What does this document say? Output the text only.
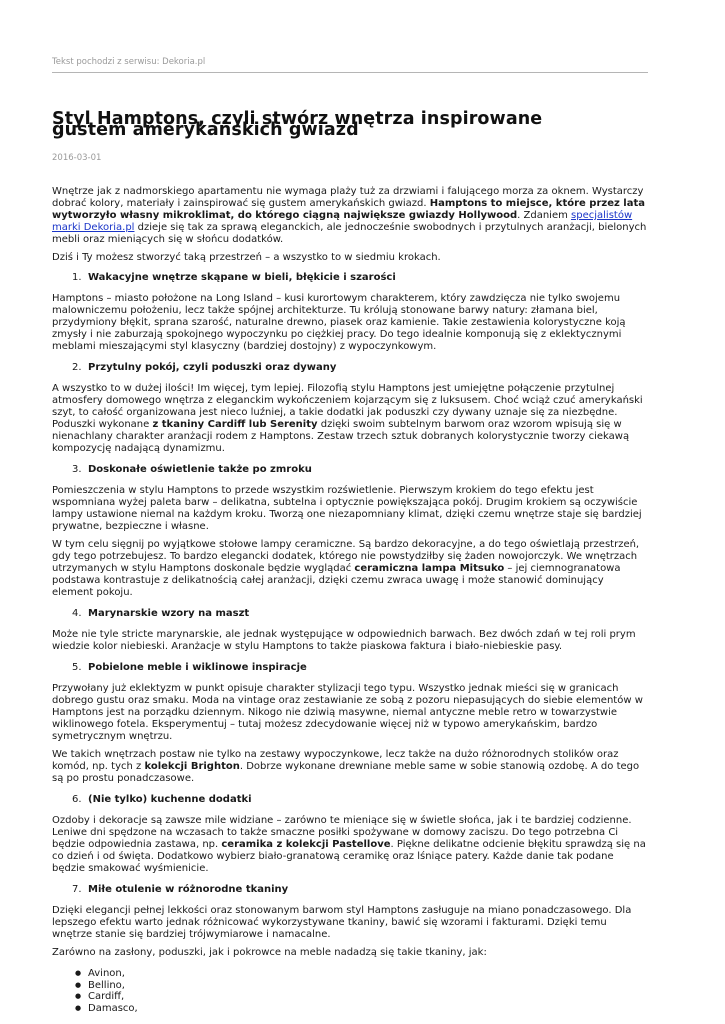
Tekst pochodzi z serwisu: Dekoria.pl
Styl Hamptons, czyli stwórz wnętrza inspirowane gustem amerykańskich gwiazd
2016-03-01

Wnętrze jak z nadmorskiego apartamentu nie wymaga plaży tuż za drzwiami i falującego morza za oknem. Wystarczy dobrać kolory, materiały i zainspirować się gustem amerykańskich gwiazd. Hamptons to miejsce, które przez lata wytworzyło własny mikroklimat, do którego ciągną największe gwiazdy Hollywood. Zdaniem specjalistów marki Dekoria.pl dzieje się tak za sprawą eleganckich, ale jednocześnie swobodnych i przytulnych aranżacji, bielonych mebli oraz mieniących się w słońcu dodatków.

Dziś i Ty możesz stworzyć taką przestrzeń – a wszystko to w siedmiu krokach.

1. Wakacyjne wnętrze skąpane w bieli, błękicie i szarości

Hamptons – miasto położone na Long Island – kusi kurortowym charakterem, który zawdzięcza nie tylko swojemu malowniczemu położeniu, lecz także spójnej architekturze. Tu królują stonowane barwy natury: złamana biel, przydymiony błękit, sprana szarość, naturalne drewno, piasek oraz kamienie. Takie zestawienia kolorystyczne koją zmysły i nie zaburzają spokojnego wypoczynku po ciężkiej pracy. Do tego idealnie komponują się z eklektycznymi meblami mieszającymi styl klasyczny (bardziej dostojny) z wypoczynkowym.

2. Przytulny pokój, czyli poduszki oraz dywany

A wszystko to w dużej ilości! Im więcej, tym lepiej. Filozofią stylu Hamptons jest umiejętne połączenie przytulnej atmosfery domowego wnętrza z eleganckim wykończeniem kojarzącym się z luksusem. Choć wciąż czuć amerykański szyt, to całość organizowana jest nieco luźniej, a takie dodatki jak poduszki czy dywany uznaje się za niezbędne. Poduszki wykonane z tkaniny Cardiff lub Serenity dzięki swoim subtelnym barwom oraz wzorom wpisują się w nienachlany charakter aranżacji rodem z Hamptons. Zestaw trzech sztuk dobranych kolorystycznie tworzy ciekawą kompozycję nadającą dynamizmu.

3. Doskonałe oświetlenie także po zmroku

Pomieszczenia w stylu Hamptons to przede wszystkim rozświetlenie. Pierwszym krokiem do tego efektu jest wspomniana wyżej paleta barw – delikatna, subtelna i optycznie powiększająca pokój. Drugim krokiem są oczywiście lampy ustawione niemal na każdym kroku. Tworzą one niezapomniany klimat, dzięki czemu wnętrze staje się bardziej prywatne, bezpieczne i własne.

W tym celu sięgnij po wyjątkowe stołowe lampy ceramiczne. Są bardzo dekoracyjne, a do tego oświetlają przestrzeń, gdy tego potrzebujesz. To bardzo elegancki dodatek, którego nie powstydziłby się żaden nowojorczyk. We wnętrzach utrzymanych w stylu Hamptons doskonale będzie wyglądać ceramiczna lampa Mitsuko – jej ciemnogranatowa podstawa kontrastuje z delikatnością całej aranżacji, dzięki czemu zwraca uwagę i może stanowić dominujący element pokoju.

4. Marynarskie wzory na maszt

Może nie tyle stricte marynarskie, ale jednak występujące w odpowiednich barwach. Bez dwóch zdań w tej roli prym wiedzie kolor niebieski. Aranżacje w stylu Hamptons to także piaskowa faktura i biało-niebieskie pasy.

5. Pobielone meble i wiklinowe inspiracje

Przywołany już eklektyzm w punkt opisuje charakter stylizacji tego typu. Wszystko jednak mieści się w granicach dobrego gustu oraz smaku. Moda na vintage oraz zestawianie ze sobą z pozoru niepasujących do siebie elementów w Hamptons jest na porządku dziennym. Nikogo nie dziwią masywne, niemal antyczne meble retro w towarzystwie wiklinowego fotela. Eksperymentuj – tutaj możesz zdecydowanie więcej niż w typowo amerykańskim, bardzo symetrycznym wnętrzu.

We takich wnętrzach postaw nie tylko na zestawy wypoczynkowe, lecz także na dużo różnorodnych stolików oraz komód, np. tych z kolekcji Brighton. Dobrze wykonane drewniane meble same w sobie stanowią ozdobę. A do tego są po prostu ponadczasowe.

6. (Nie tylko) kuchenne dodatki

Ozdoby i dekoracje są zawsze mile widziane – zarówno te mieniące się w świetle słońca, jak i te bardziej codzienne. Leniwe dni spędzone na wczasach to także smaczne posiłki spożywane w domowy zaciszu. Do tego potrzebna Ci będzie odpowiednia zastawa, np. ceramika z kolekcji Pastellove. Piękne delikatne odcienie błękitu sprawdzą się na co dzień i od święta. Dodatkowo wybierz biało-granatową ceramikę oraz lśniące patery. Każde danie tak podane będzie smakować wyśmienicie.

7. Miłe otulenie w różnorodne tkaniny

Dzięki elegancji pełnej lekkości oraz stonowanym barwom styl Hamptons zasługuje na miano ponadczasowego. Dla lepszego efektu warto jednak różnicować wykorzystywane tkaniny, bawić się wzorami i fakturami. Dzięki temu wnętrze stanie się bardziej trójwymiarowe i namacalne.

Zarówno na zasłony, poduszki, jak i pokrowce na meble nadadzą się takie tkaniny, jak:

● Avinon,
● Bellino,
● Cardiff,
● Damasco,
